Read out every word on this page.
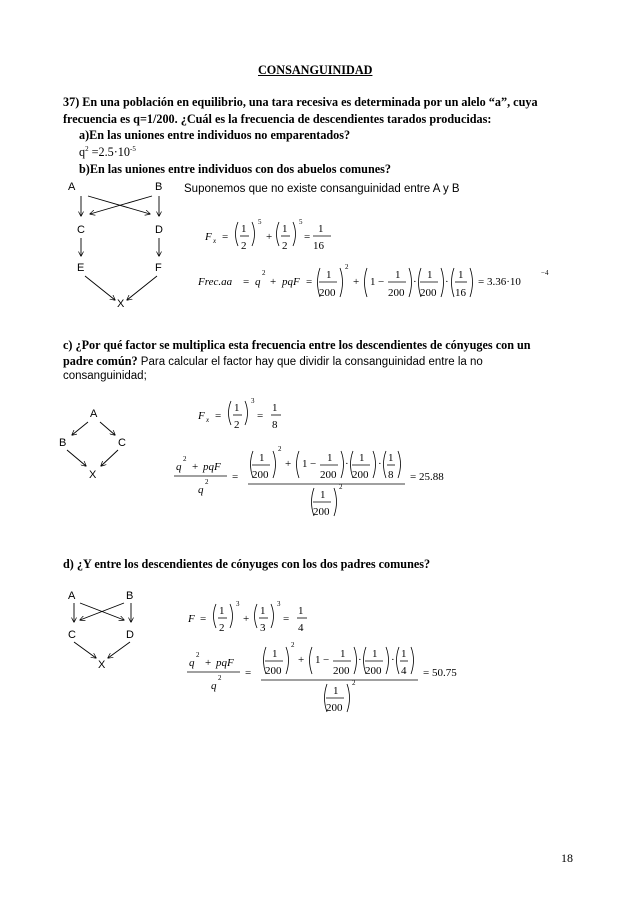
CONSANGUINIDAD
37) En una población en equilibrio, una tara recesiva es determinada por un alelo “a”, cuya
frecuencia es q=1/200. ¿Cuál es la frecuencia de descendientes tarados producidas:
a)En las uniones entre individuos no emparentados?
$q^2 =2.5\cdot 10^{-5}$
b)En las uniones entre individuos con dos abuelos comunes?
A	B
C	D
E	F
X
Suponemos que no existe consanguinidad entre A y B
F x =
1
2
5
+
1
2
5
=
1
16
Frec.aa = q
2
+ pqF =
1
200
2
+ 1 −
1
200
·
1
200
·
1
16
= 3.36·10
−4
c) ¿Por qué factor se multiplica esta frecuencia entre los descendientes de cónyuges con un
padre común? Para calcular el factor hay que dividir la consanguinidad entre la no
consanguinidad;
A
B	C
X
F x =
1
2
3
=
1
8
q
2
+ pqF
q
2 =
1
200
2
+ 1 − 1
200
· 1
200
· 1
8
1
200
2
= 25.88
d) ¿Y entre los descendientes de cónyuges con los dos padres comunes?
A	B
C	D
X
F =
1
2
3
+
1
3
3
=
1
4
q
2
+ pqF
q
2 =
1
200
2
+ 1 − 1
200
· 1
200
· 1
4
1
200
2
= 50.75
18
